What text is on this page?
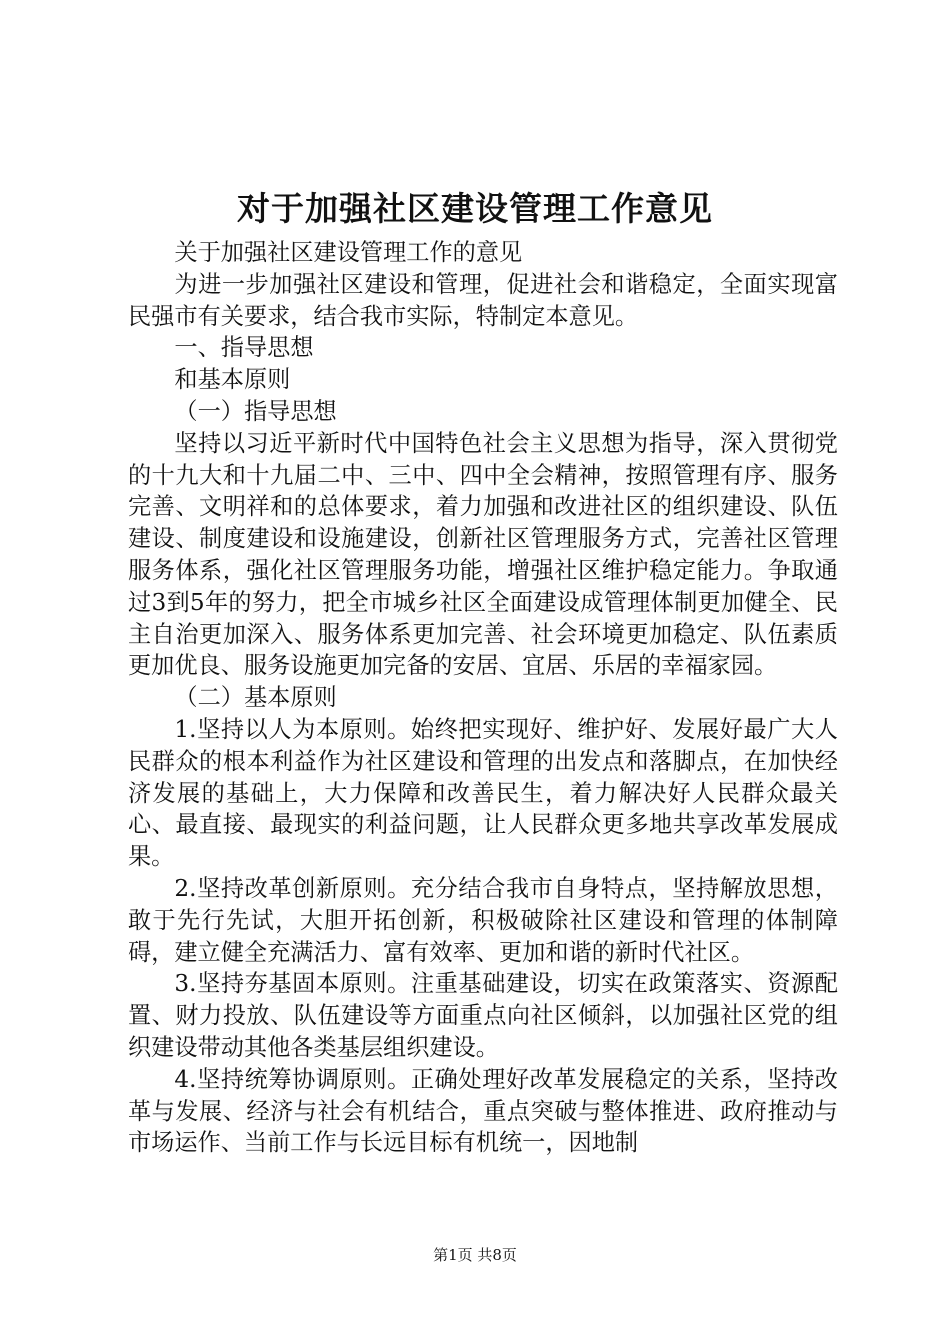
对于加强社区建设管理工作意见

关于加强社区建设管理工作的意见

为进一步加强社区建设和管理，促进社会和谐稳定，全面实现富民强市有关要求，结合我市实际，特制定本意见。

一、指导思想

和基本原则

（一）指导思想

坚持以习近平新时代中国特色社会主义思想为指导，深入贯彻党的十九大和十九届二中、三中、四中全会精神，按照管理有序、服务完善、文明祥和的总体要求，着力加强和改进社区的组织建设、队伍建设、制度建设和设施建设，创新社区管理服务方式，完善社区管理服务体系，强化社区管理服务功能，增强社区维护稳定能力。争取通过3到5年的努力，把全市城乡社区全面建设成管理体制更加健全、民主自治更加深入、服务体系更加完善、社会环境更加稳定、队伍素质更加优良、服务设施更加完备的安居、宜居、乐居的幸福家园。

（二）基本原则

1.坚持以人为本原则。始终把实现好、维护好、发展好最广大人民群众的根本利益作为社区建设和管理的出发点和落脚点，在加快经济发展的基础上，大力保障和改善民生，着力解决好人民群众最关心、最直接、最现实的利益问题，让人民群众更多地共享改革发展成果。

2.坚持改革创新原则。充分结合我市自身特点，坚持解放思想，敢于先行先试，大胆开拓创新，积极破除社区建设和管理的体制障碍，建立健全充满活力、富有效率、更加和谐的新时代社区。

3.坚持夯基固本原则。注重基础建设，切实在政策落实、资源配置、财力投放、队伍建设等方面重点向社区倾斜，以加强社区党的组织建设带动其他各类基层组织建设。

4.坚持统筹协调原则。正确处理好改革发展稳定的关系，坚持改革与发展、经济与社会有机结合，重点突破与整体推进、政府推动与市场运作、当前工作与长远目标有机统一，因地制

第1页 共8页
